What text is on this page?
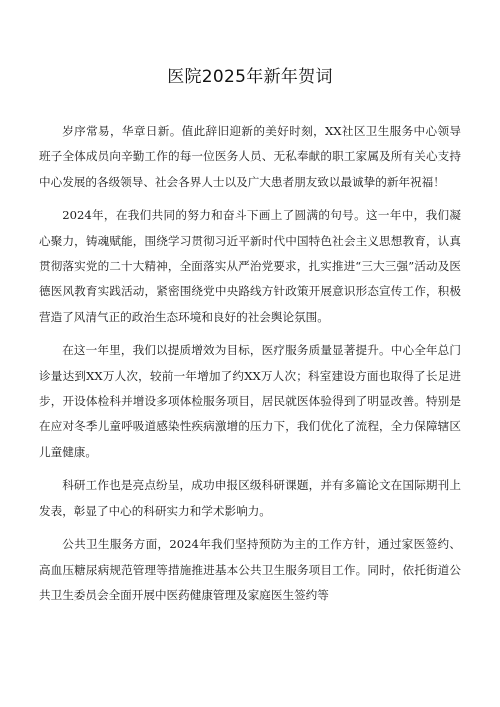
医院2025年新年贺词

岁序常易，华章日新。值此辞旧迎新的美好时刻，XX社区卫生服务中心领导班子全体成员向辛勤工作的每一位医务人员、无私奉献的职工家属及所有关心支持中心发展的各级领导、社会各界人士以及广大患者朋友致以最诚挚的新年祝福！

2024年，在我们共同的努力和奋斗下画上了圆满的句号。这一年中，我们凝心聚力，铸魂赋能，围绕学习贯彻习近平新时代中国特色社会主义思想教育，认真贯彻落实党的二十大精神，全面落实从严治党要求，扎实推进“三大三强”活动及医德医风教育实践活动，紧密围绕党中央路线方针政策开展意识形态宣传工作，积极营造了风清气正的政治生态环境和良好的社会舆论氛围。

在这一年里，我们以提质增效为目标，医疗服务质量显著提升。中心全年总门诊量达到XX万人次，较前一年增加了约XX万人次；科室建设方面也取得了长足进步，开设体检科并增设多项体检服务项目，居民就医体验得到了明显改善。特别是在应对冬季儿童呼吸道感染性疾病激增的压力下，我们优化了流程，全力保障辖区儿童健康。

科研工作也是亮点纷呈，成功申报区级科研课题，并有多篇论文在国际期刊上发表，彰显了中心的科研实力和学术影响力。

公共卫生服务方面，2024年我们坚持预防为主的工作方针，通过家医签约、高血压糖尿病规范管理等措施推进基本公共卫生服务项目工作。同时，依托街道公共卫生委员会全面开展中医药健康管理及家庭医生签约等
